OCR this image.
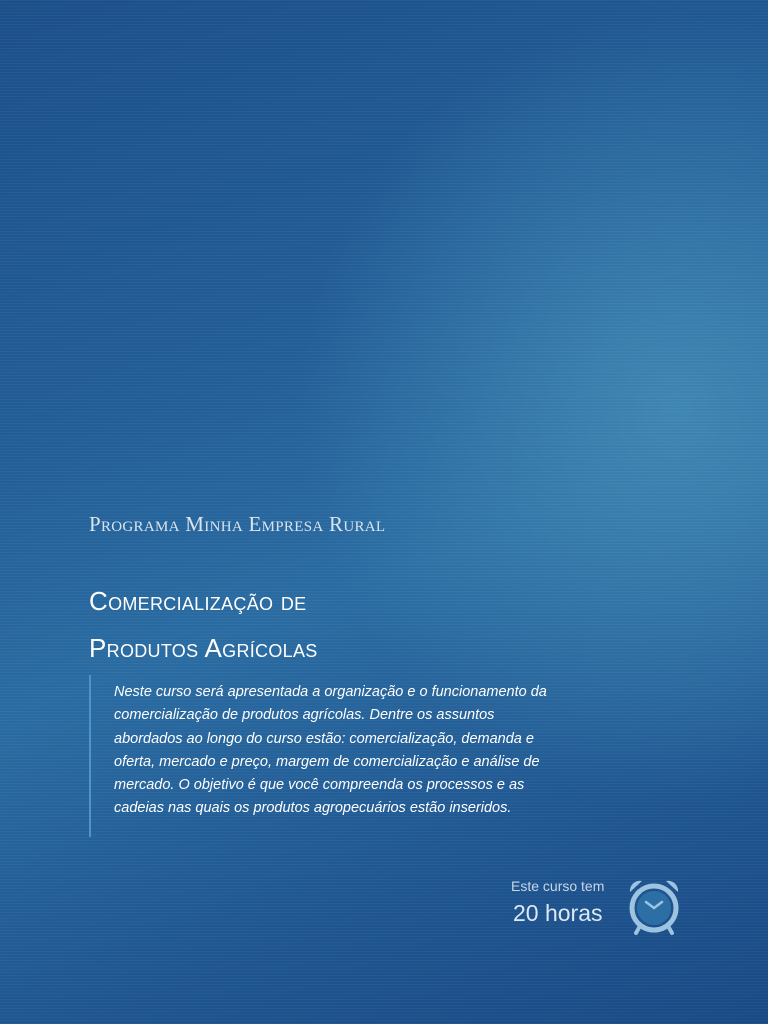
Programa Minha Empresa Rural
Comercialização de
Produtos Agrícolas
Neste curso será apresentada a organização e o funcionamento da comercialização de produtos agrícolas. Dentre os assuntos abordados ao longo do curso estão: comercialização, demanda e oferta, mercado e preço, margem de comercialização e análise de mercado. O objetivo é que você compreenda os processos e as cadeias nas quais os produtos agropecuários estão inseridos.
Este curso tem
20 horas
